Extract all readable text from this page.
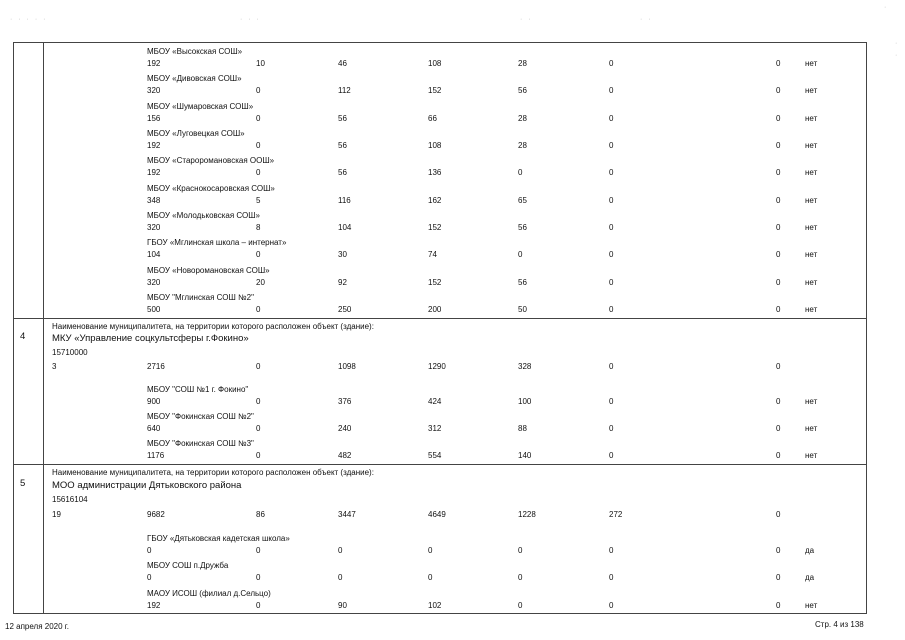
· · · · ·	· · ·	· ·	· ·
·
·
·
МБОУ «Высокская СОШ»
192	10	46	108	28	0	0	нет
МБОУ «Дивовская СОШ»
320	0	112	152	56	0	0	нет
МБОУ «Шумаровская СОШ»
156	0	56	66	28	0	0	нет
МБОУ «Луговецкая СОШ»
192	0	56	108	28	0	0	нет
МБОУ «Староромановская ООШ»
192	0	56	136	0	0	0	нет
МБОУ «Краснокосаровская СОШ»
348	5	116	162	65	0	0	нет
МБОУ «Молодьковская СОШ»
320	8	104	152	56	0	0	нет
ГБОУ «Мглинская школа – интернат»
104	0	30	74	0	0	0	нет
МБОУ «Новоромановская СОШ»
320	20	92	152	56	0	0	нет
МБОУ "Мглинская СОШ №2"
500	0	250	200	50	0	0	нет
4
Наименование муниципалитета, на территории которого расположен объект (здание):
МКУ «Управление соцкультсферы г.Фокино»
15710000
3	2716	0	1098	1290	328	0	0
МБОУ "СОШ №1 г. Фокино"
900	0	376	424	100	0	0	нет
МБОУ "Фокинская СОШ №2"
640	0	240	312	88	0	0	нет
МБОУ "Фокинская СОШ №3"
1176	0	482	554	140	0	0	нет
5
Наименование муниципалитета, на территории которого расположен объект (здание):
МОО администрации Дятьковского района
15616104
19	9682	86	3447	4649	1228	272	0
ГБОУ «Дятьковская кадетская школа»
0	0	0	0	0	0	0	да
МБОУ СОШ п.Дружба
0	0	0	0	0	0	0	да
МАОУ ИСОШ (филиал д.Сельцо)
192	0	90	102	0	0	0	нет
12 апреля 2020 г.	Стр. 4 из 138
